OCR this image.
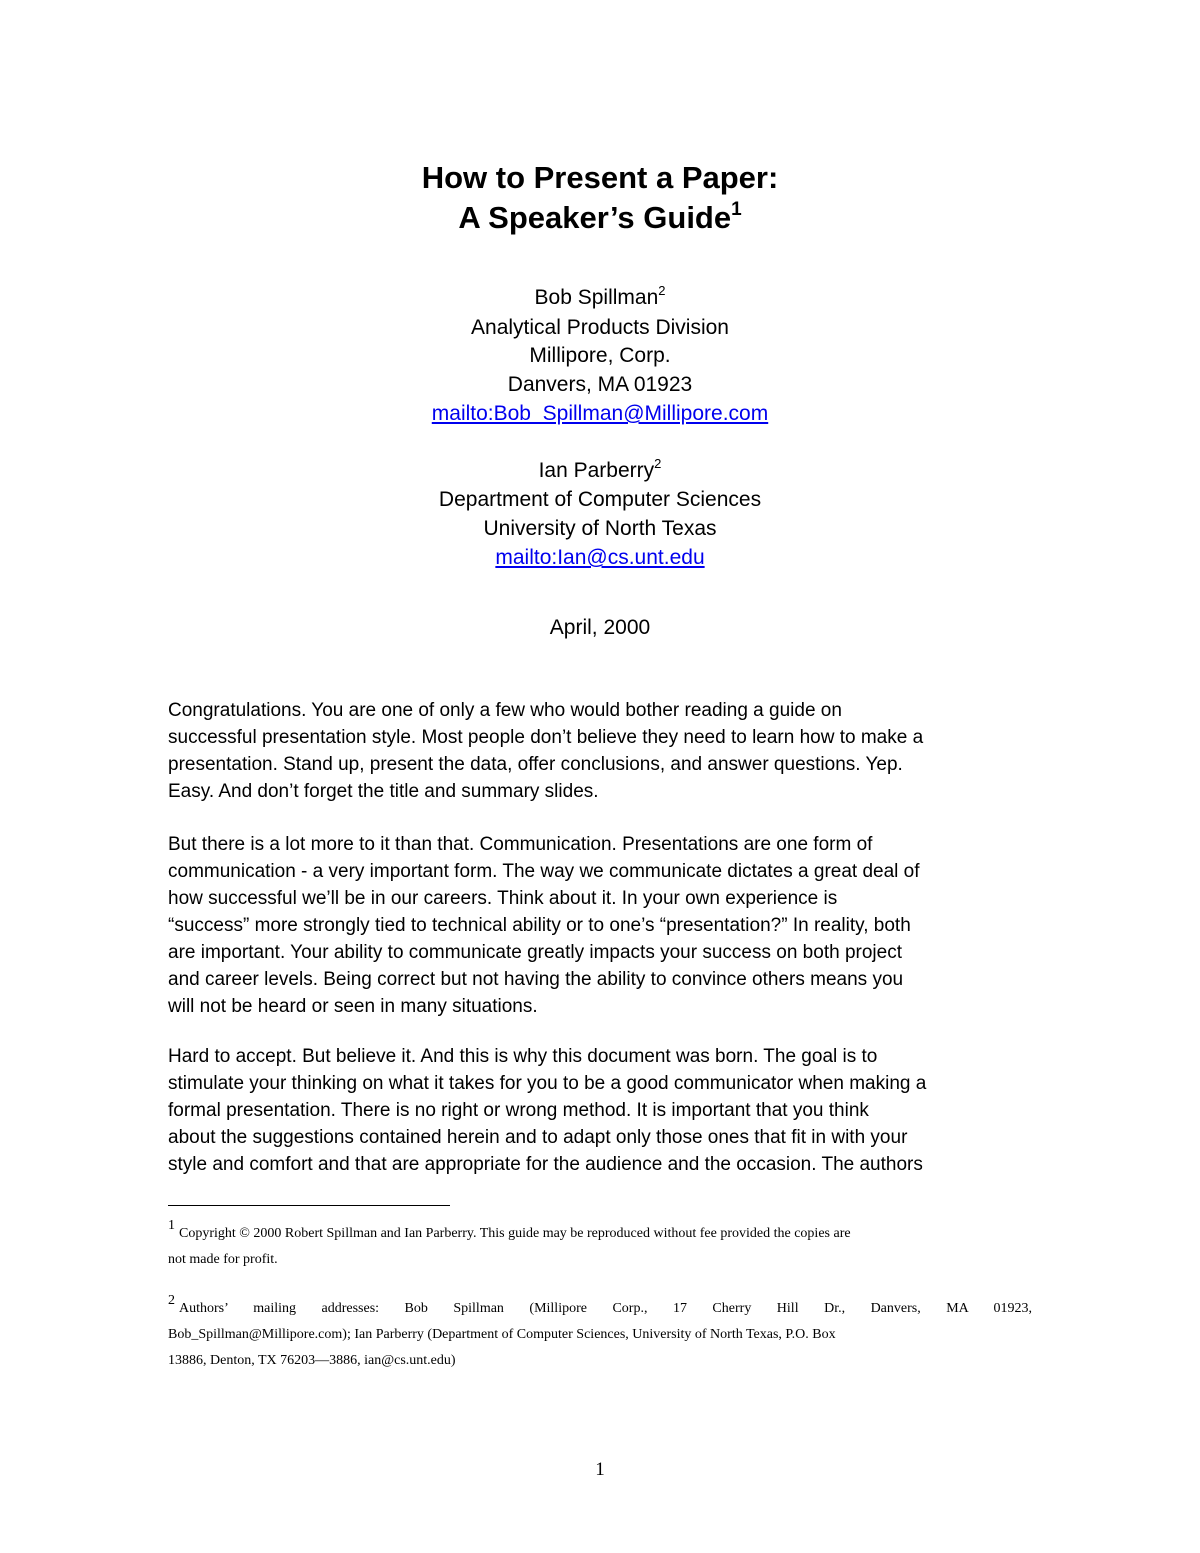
How to Present a Paper:
A Speaker’s Guide$^1$
Bob Spillman$^2$
Analytical Products Division
Millipore, Corp.
Danvers, MA 01923
mailto:Bob_Spillman@Millipore.com
Ian Parberry$^2$
Department of Computer Sciences
University of North Texas
mailto:Ian@cs.unt.edu
April, 2000
Congratulations. You are one of only a few who would bother reading a guide on
successful presentation style. Most people don’t believe they need to learn how to make a
presentation. Stand up, present the data, offer conclusions, and answer questions. Yep.
Easy. And don’t forget the title and summary slides.
But there is a lot more to it than that. Communication. Presentations are one form of
communication - a very important form. The way we communicate dictates a great deal of
how successful we’ll be in our careers. Think about it. In your own experience is
“success” more strongly tied to technical ability or to one’s “presentation?” In reality, both
are important. Your ability to communicate greatly impacts your success on both project
and career levels. Being correct but not having the ability to convince others means you
will not be heard or seen in many situations.
Hard to accept. But believe it. And this is why this document was born. The goal is to
stimulate your thinking on what it takes for you to be a good communicator when making a
formal presentation. There is no right or wrong method. It is important that you think
about the suggestions contained herein and to adapt only those ones that fit in with your
style and comfort and that are appropriate for the audience and the occasion. The authors
1Copyright © 2000 Robert Spillman and Ian Parberry. This guide may be reproduced without fee provided the copies are
not made for profit.
2Authors’ mailing addresses: Bob Spillman (Millipore Corp., 17 Cherry Hill Dr., Danvers, MA 01923,
Bob_Spillman@Millipore.com); Ian Parberry (Department of Computer Sciences, University of North Texas, P.O. Box
13886, Denton, TX 76203—3886, ian@cs.unt.edu)
1
